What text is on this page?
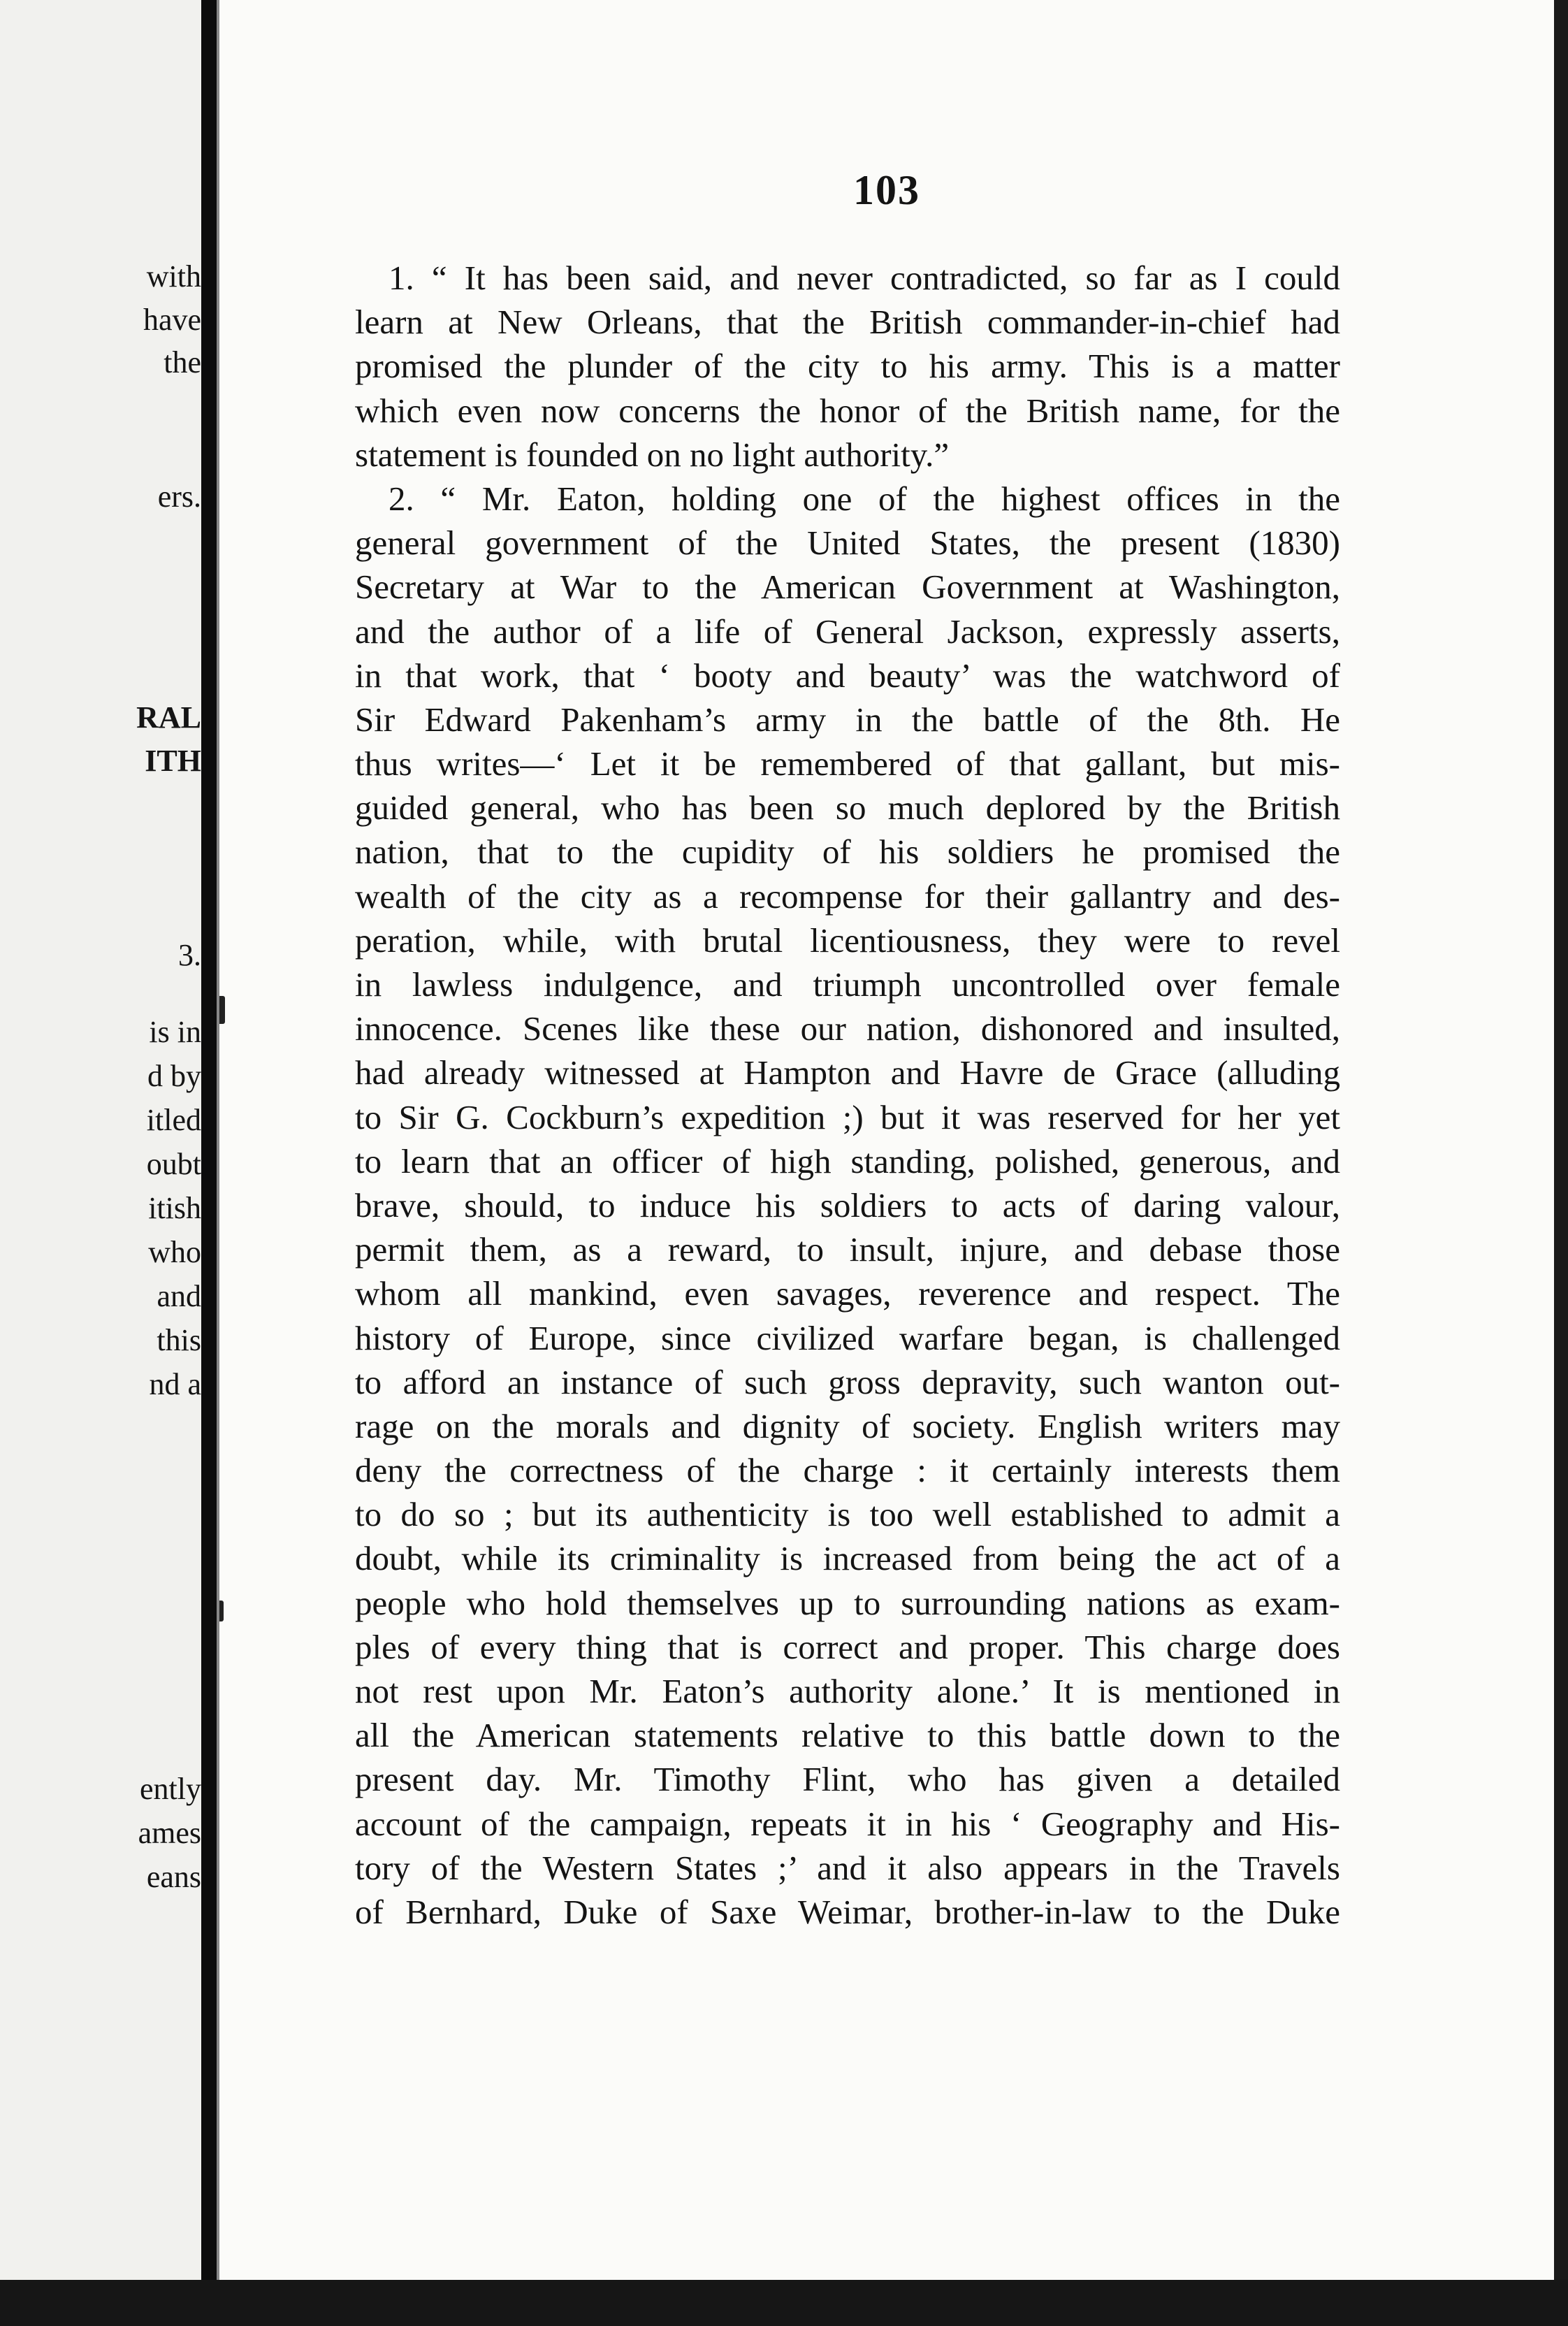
with
have
the
ers.
RAL
ITH
3.
is in
d by
itled
oubt
itish
who
and
this
nd a
ently
ames
eans
103
1. “ It has been said, and never contradicted, so far as I could
learn at New Orleans, that the British commander-in-chief had
promised the plunder of the city to his army. This is a matter
which even now concerns the honor of the British name, for the
statement is founded on no light authority.”
2. “ Mr. Eaton, holding one of the highest offices in the
general government of the United States, the present (1830)
Secretary at War to the American Government at Washington,
and the author of a life of General Jackson, expressly asserts,
in that work, that ‘ booty and beauty’ was the watchword of
Sir Edward Pakenham’s army in the battle of the 8th. He
thus writes—‘ Let it be remembered of that gallant, but mis-
guided general, who has been so much deplored by the British
nation, that to the cupidity of his soldiers he promised the
wealth of the city as a recompense for their gallantry and des-
peration, while, with brutal licentiousness, they were to revel
in lawless indulgence, and triumph uncontrolled over female
innocence. Scenes like these our nation, dishonored and insulted,
had already witnessed at Hampton and Havre de Grace (alluding
to Sir G. Cockburn’s expedition ;) but it was reserved for her yet
to learn that an officer of high standing, polished, generous, and
brave, should, to induce his soldiers to acts of daring valour,
permit them, as a reward, to insult, injure, and debase those
whom all mankind, even savages, reverence and respect. The
history of Europe, since civilized warfare began, is challenged
to afford an instance of such gross depravity, such wanton out-
rage on the morals and dignity of society. English writers may
deny the correctness of the charge : it certainly interests them
to do so ; but its authenticity is too well established to admit a
doubt, while its criminality is increased from being the act of a
people who hold themselves up to surrounding nations as exam-
ples of every thing that is correct and proper. This charge does
not rest upon Mr. Eaton’s authority alone.’ It is mentioned in
all the American statements relative to this battle down to the
present day. Mr. Timothy Flint, who has given a detailed
account of the campaign, repeats it in his ‘ Geography and His-
tory of the Western States ;’ and it also appears in the Travels
of Bernhard, Duke of Saxe Weimar, brother-in-law to the Duke
